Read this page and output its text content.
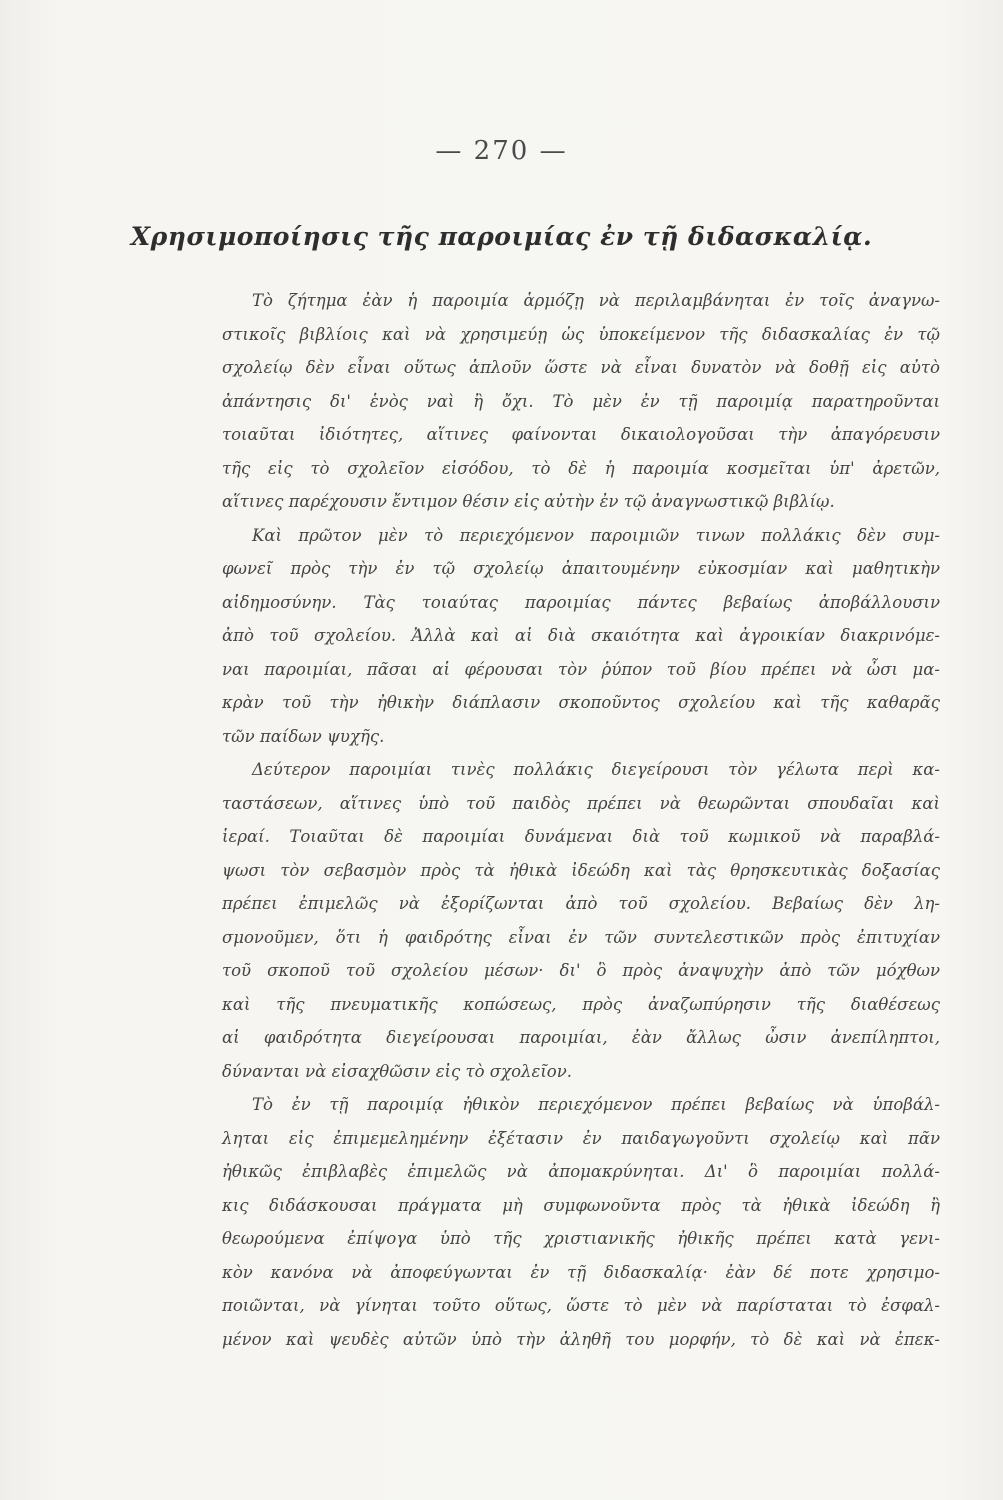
— 270 —
Χρησιμοποίησις τῆς παροιμίας ἐν τῇ διδασκαλίᾳ.
Τὸ ζήτημα ἐὰν ἡ παροιμία ἁρμόζῃ νὰ περιλαμβάνηται ἐν τοῖς ἀναγνω-
στικοῖς βιβλίοις καὶ νὰ χρησιμεύῃ ὡς ὑποκείμενον τῆς διδασκαλίας ἐν τῷ
σχολείῳ δὲν εἶναι οὕτως ἁπλοῦν ὥστε νὰ εἶναι δυνατὸν νὰ δοθῇ εἰς αὐτὸ
ἀπάντησις δι' ἑνὸς ναὶ ἢ ὄχι. Τὸ μὲν ἐν τῇ παροιμίᾳ παρατηροῦνται
τοιαῦται ἰδιότητες, αἵτινες φαίνονται δικαιολογοῦσαι τὴν ἀπαγόρευσιν
τῆς εἰς τὸ σχολεῖον εἰσόδου, τὸ δὲ ἡ παροιμία κοσμεῖται ὑπ' ἀρετῶν,
αἵτινες παρέχουσιν ἔντιμον θέσιν εἰς αὐτὴν ἐν τῷ ἀναγνωστικῷ βιβλίῳ.
Καὶ πρῶτον μὲν τὸ περιεχόμενον παροιμιῶν τινων πολλάκις δὲν συμ-
φωνεῖ πρὸς τὴν ἐν τῷ σχολείῳ ἀπαιτουμένην εὐκοσμίαν καὶ μαθητικὴν
αἰδημοσύνην. Τὰς τοιαύτας παροιμίας πάντες βεβαίως ἀποβάλλουσιν
ἀπὸ τοῦ σχολείου. Ἀλλὰ καὶ αἱ διὰ σκαιότητα καὶ ἀγροικίαν διακρινόμε-
ναι παροιμίαι, πᾶσαι αἱ φέρουσαι τὸν ῥύπον τοῦ βίου πρέπει νὰ ὦσι μα-
κρὰν τοῦ τὴν ἠθικὴν διάπλασιν σκοποῦντος σχολείου καὶ τῆς καθαρᾶς
τῶν παίδων ψυχῆς.
Δεύτερον παροιμίαι τινὲς πολλάκις διεγείρουσι τὸν γέλωτα περὶ κα-
ταστάσεων, αἵτινες ὑπὸ τοῦ παιδὸς πρέπει νὰ θεωρῶνται σπουδαῖαι καὶ
ἱεραί. Τοιαῦται δὲ παροιμίαι δυνάμεναι διὰ τοῦ κωμικοῦ νὰ παραβλά-
ψωσι τὸν σεβασμὸν πρὸς τὰ ἠθικὰ ἰδεώδη καὶ τὰς θρησκευτικὰς δοξασίας
πρέπει ἐπιμελῶς νὰ ἐξορίζωνται ἀπὸ τοῦ σχολείου. Βεβαίως δὲν λη-
σμονοῦμεν, ὅτι ἡ φαιδρότης εἶναι ἐν τῶν συντελεστικῶν πρὸς ἐπιτυχίαν
τοῦ σκοποῦ τοῦ σχολείου μέσων· δι' ὃ πρὸς ἀναψυχὴν ἀπὸ τῶν μόχθων
καὶ τῆς πνευματικῆς κοπώσεως, πρὸς ἀναζωπύρησιν τῆς διαθέσεως
αἱ φαιδρότητα διεγείρουσαι παροιμίαι, ἐὰν ἄλλως ὦσιν ἀνεπίληπτοι,
δύνανται νὰ εἰσαχθῶσιν εἰς τὸ σχολεῖον.
Τὸ ἐν τῇ παροιμίᾳ ἠθικὸν περιεχόμενον πρέπει βεβαίως νὰ ὑποβάλ-
ληται εἰς ἐπιμεμελημένην ἐξέτασιν ἐν παιδαγωγοῦντι σχολείῳ καὶ πᾶν
ἠθικῶς ἐπιβλαβὲς ἐπιμελῶς νὰ ἀπομακρύνηται. Δι' ὃ παροιμίαι πολλά-
κις διδάσκουσαι πράγματα μὴ συμφωνοῦντα πρὸς τὰ ἠθικὰ ἰδεώδη ἢ
θεωρούμενα ἐπίψογα ὑπὸ τῆς χριστιανικῆς ἠθικῆς πρέπει κατὰ γενι-
κὸν κανόνα νὰ ἀποφεύγωνται ἐν τῇ διδασκαλίᾳ· ἐὰν δέ ποτε χρησιμο-
ποιῶνται, νὰ γίνηται τοῦτο οὕτως, ὥστε τὸ μὲν νὰ παρίσταται τὸ ἐσφαλ-
μένον καὶ ψευδὲς αὐτῶν ὑπὸ τὴν ἀληθῆ του μορφήν, τὸ δὲ καὶ νὰ ἐπεκ-
